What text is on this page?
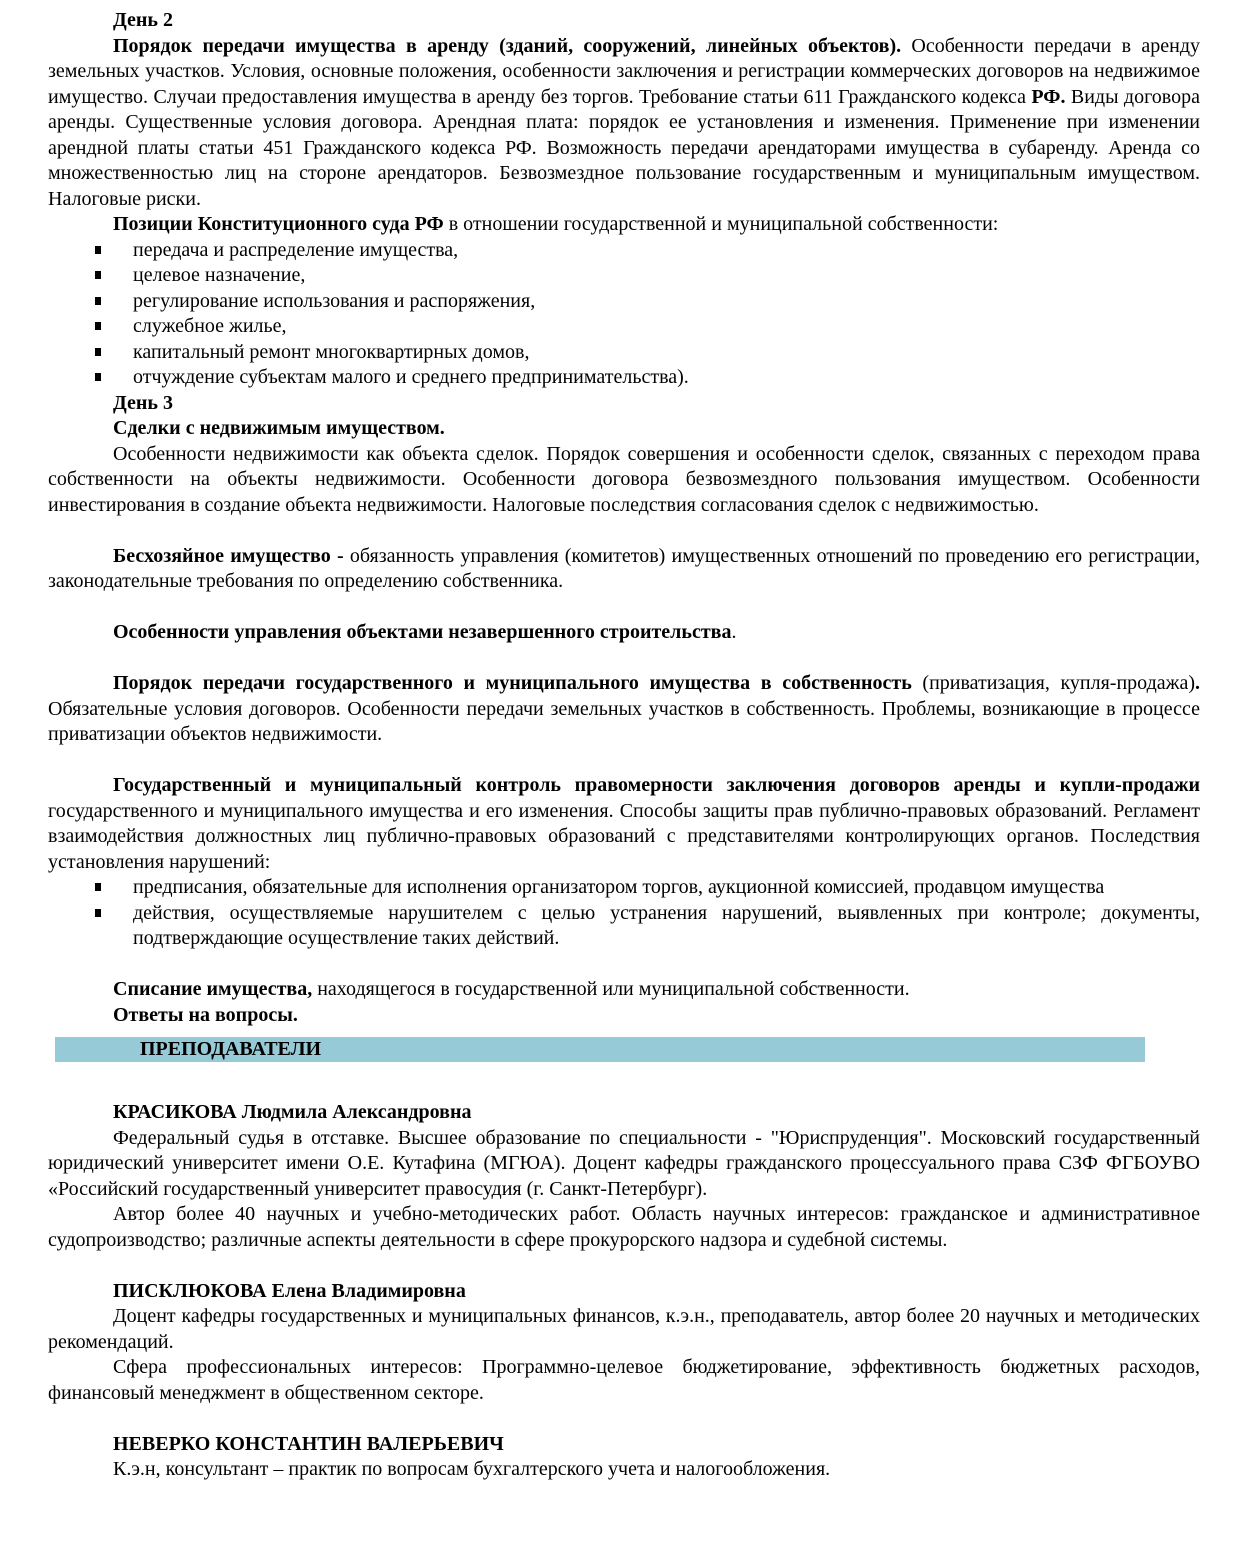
День 2

Порядок передачи имущества в аренду (зданий, сооружений, линейных объектов). Особенности передачи в аренду земельных участков. Условия, основные положения, особенности заключения и регистрации коммерческих договоров на недвижимое имущество. Случаи предоставления имущества в аренду без торгов. Требование статьи 611 Гражданского кодекса РФ. Виды договора аренды. Существенные условия договора. Арендная плата: порядок ее установления и изменения. Применение при изменении арендной платы статьи 451 Гражданского кодекса РФ. Возможность передачи арендаторами имущества в субаренду. Аренда со множественностью лиц на стороне арендаторов. Безвозмездное пользование государственным и муниципальным имуществом. Налоговые риски.

Позиции Конституционного суда РФ в отношении государственной и муниципальной собственности:

передача и распределение имущества,
целевое назначение,
регулирование использования и распоряжения,
служебное жилье,
капитальный ремонт многоквартирных домов,
отчуждение субъектам малого и среднего предпринимательства).

День 3

Сделки с недвижимым имуществом.

Особенности недвижимости как объекта сделок. Порядок совершения и особенности сделок, связанных с переходом права собственности на объекты недвижимости. Особенности договора безвозмездного пользования имуществом. Особенности инвестирования в создание объекта недвижимости. Налоговые последствия согласования сделок с недвижимостью.

Бесхозяйное имущество - обязанность управления (комитетов) имущественных отношений по проведению его регистрации, законодательные требования по определению собственника.

Особенности управления объектами незавершенного строительства.

Порядок передачи государственного и муниципального имущества в собственность (приватизация, купля-продажа). Обязательные условия договоров. Особенности передачи земельных участков в собственность. Проблемы, возникающие в процессе приватизации объектов недвижимости.

Государственный и муниципальный контроль правомерности заключения договоров аренды и купли-продажи государственного и муниципального имущества и его изменения. Способы защиты прав публично-правовых образований. Регламент взаимодействия должностных лиц публично-правовых образований с представителями контролирующих органов. Последствия установления нарушений:

предписания, обязательные для исполнения организатором торгов, аукционной комиссией, продавцом имущества
действия, осуществляемые нарушителем с целью устранения нарушений, выявленных при контроле; документы, подтверждающие осуществление таких действий.

Списание имущества, находящегося в государственной или муниципальной собственности.

Ответы на вопросы.

ПРЕПОДАВАТЕЛИ

КРАСИКОВА Людмила Александровна

Федеральный судья в отставке. Высшее образование по специальности - "Юриспруденция". Московский государственный юридический университет имени О.Е. Кутафина (МГЮА). Доцент кафедры гражданского процессуального права СЗФ ФГБОУВО «Российский государственный университет правосудия (г. Санкт-Петербург).

Автор более 40 научных и учебно-методических работ. Область научных интересов: гражданское и административное судопроизводство; различные аспекты деятельности в сфере прокурорского надзора и судебной системы.

ПИСКЛЮКОВА Елена Владимировна

Доцент кафедры государственных и муниципальных финансов, к.э.н., преподаватель, автор более 20 научных и методических рекомендаций.

Сфера профессиональных интересов: Программно-целевое бюджетирование, эффективность бюджетных расходов, финансовый менеджмент в общественном секторе.

НЕВЕРКО КОНСТАНТИН ВАЛЕРЬЕВИЧ

К.э.н, консультант – практик по вопросам бухгалтерского учета и налогообложения.
